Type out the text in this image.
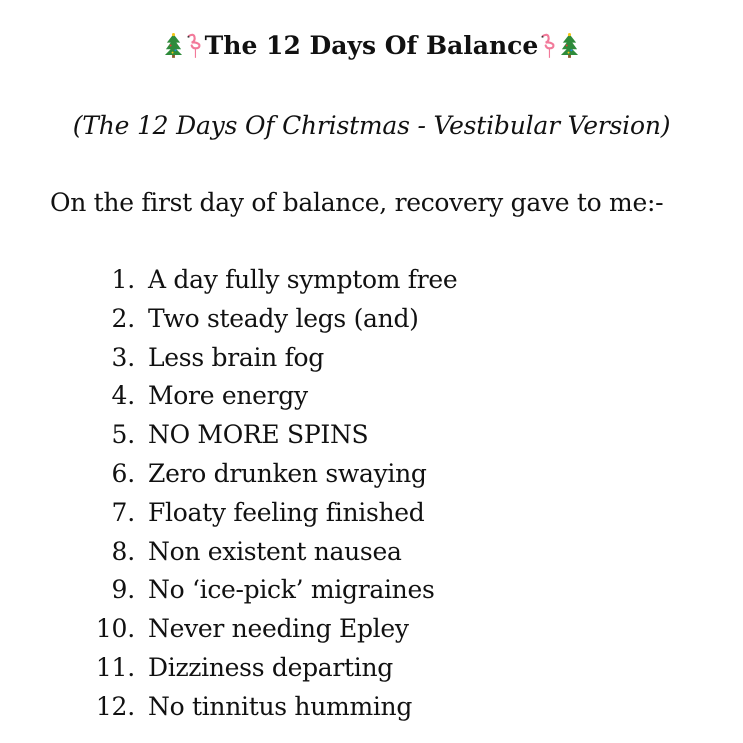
The 12 Days Of Balance
(The 12 Days Of Christmas - Vestibular Version)
On the first day of balance, recovery gave to me:-
1. A day fully symptom free
2. Two steady legs (and)
3. Less brain fog
4. More energy
5. NO MORE SPINS
6. Zero drunken swaying
7. Floaty feeling finished
8. Non existent nausea
9. No ‘ice-pick’ migraines
10. Never needing Epley
11. Dizziness departing
12. No tinnitus humming
